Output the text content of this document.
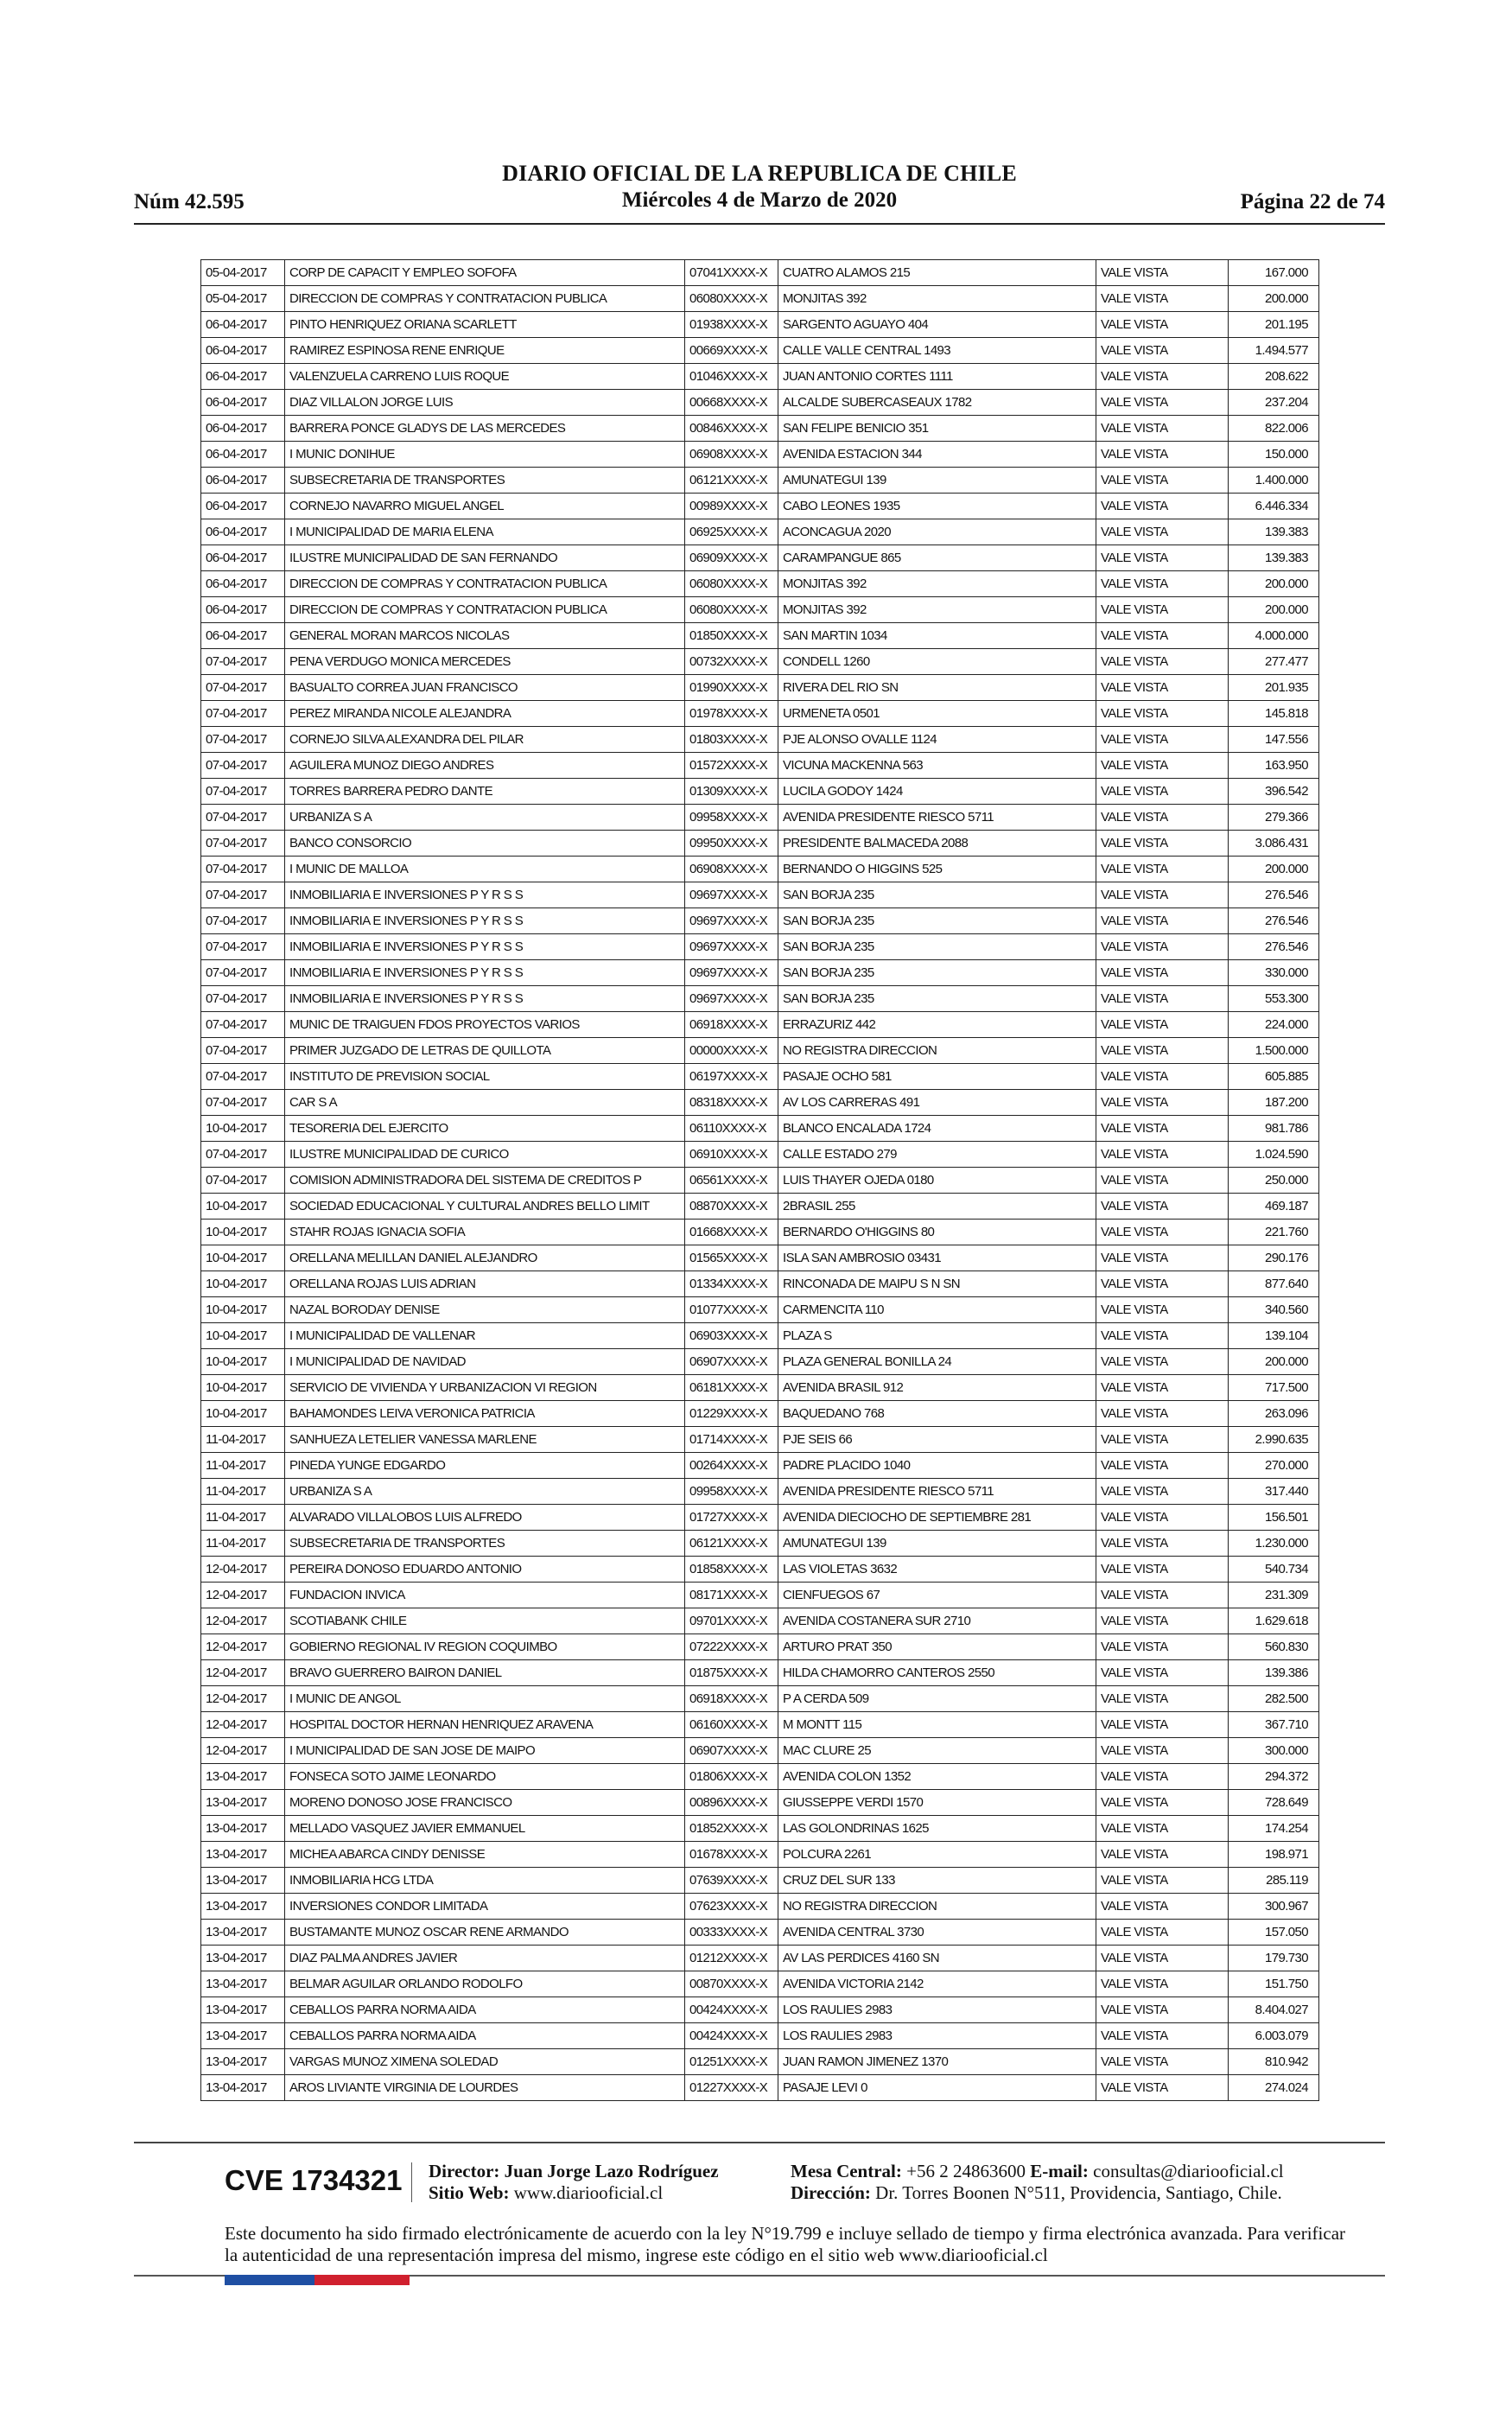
Núm 42.595
DIARIO OFICIAL DE LA REPUBLICA DE CHILE
Miércoles 4 de Marzo de 2020	Página 22 de 74
05-04-2017	CORP DE CAPACIT Y EMPLEO SOFOFA	07041XXXX-X	CUATRO ALAMOS 215	VALE VISTA	167.000
05-04-2017	DIRECCION DE COMPRAS Y CONTRATACION PUBLICA	06080XXXX-X	MONJITAS 392	VALE VISTA	200.000
06-04-2017	PINTO HENRIQUEZ ORIANA SCARLETT	01938XXXX-X	SARGENTO AGUAYO 404	VALE VISTA	201.195
06-04-2017	RAMIREZ ESPINOSA RENE ENRIQUE	00669XXXX-X	CALLE VALLE CENTRAL 1493	VALE VISTA	1.494.577
06-04-2017	VALENZUELA CARRENO LUIS ROQUE	01046XXXX-X	JUAN ANTONIO CORTES 1111	VALE VISTA	208.622
06-04-2017	DIAZ VILLALON JORGE LUIS	00668XXXX-X	ALCALDE SUBERCASEAUX 1782	VALE VISTA	237.204
06-04-2017	BARRERA PONCE GLADYS DE LAS MERCEDES	00846XXXX-X	SAN FELIPE BENICIO 351	VALE VISTA	822.006
06-04-2017	I MUNIC DONIHUE	06908XXXX-X	AVENIDA ESTACION 344	VALE VISTA	150.000
06-04-2017	SUBSECRETARIA DE TRANSPORTES	06121XXXX-X	AMUNATEGUI 139	VALE VISTA	1.400.000
06-04-2017	CORNEJO NAVARRO MIGUEL ANGEL	00989XXXX-X	CABO LEONES 1935	VALE VISTA	6.446.334
06-04-2017	I MUNICIPALIDAD DE MARIA ELENA	06925XXXX-X	ACONCAGUA 2020	VALE VISTA	139.383
06-04-2017	ILUSTRE MUNICIPALIDAD DE SAN FERNANDO	06909XXXX-X	CARAMPANGUE 865	VALE VISTA	139.383
06-04-2017	DIRECCION DE COMPRAS Y CONTRATACION PUBLICA	06080XXXX-X	MONJITAS 392	VALE VISTA	200.000
06-04-2017	DIRECCION DE COMPRAS Y CONTRATACION PUBLICA	06080XXXX-X	MONJITAS 392	VALE VISTA	200.000
06-04-2017	GENERAL MORAN MARCOS NICOLAS	01850XXXX-X	SAN MARTIN 1034	VALE VISTA	4.000.000
07-04-2017	PENA VERDUGO MONICA MERCEDES	00732XXXX-X	CONDELL 1260	VALE VISTA	277.477
07-04-2017	BASUALTO CORREA JUAN FRANCISCO	01990XXXX-X	RIVERA DEL RIO SN	VALE VISTA	201.935
07-04-2017	PEREZ MIRANDA NICOLE ALEJANDRA	01978XXXX-X	URMENETA 0501	VALE VISTA	145.818
07-04-2017	CORNEJO SILVA ALEXANDRA DEL PILAR	01803XXXX-X	PJE ALONSO OVALLE 1124	VALE VISTA	147.556
07-04-2017	AGUILERA MUNOZ DIEGO ANDRES	01572XXXX-X	VICUNA MACKENNA 563	VALE VISTA	163.950
07-04-2017	TORRES BARRERA PEDRO DANTE	01309XXXX-X	LUCILA GODOY 1424	VALE VISTA	396.542
07-04-2017	URBANIZA S A	09958XXXX-X	AVENIDA PRESIDENTE RIESCO 5711	VALE VISTA	279.366
07-04-2017	BANCO CONSORCIO	09950XXXX-X	PRESIDENTE BALMACEDA 2088	VALE VISTA	3.086.431
07-04-2017	I MUNIC DE MALLOA	06908XXXX-X	BERNANDO O HIGGINS 525	VALE VISTA	200.000
07-04-2017	INMOBILIARIA E INVERSIONES P Y R S S	09697XXXX-X	SAN BORJA 235	VALE VISTA	276.546
07-04-2017	INMOBILIARIA E INVERSIONES P Y R S S	09697XXXX-X	SAN BORJA 235	VALE VISTA	276.546
07-04-2017	INMOBILIARIA E INVERSIONES P Y R S S	09697XXXX-X	SAN BORJA 235	VALE VISTA	276.546
07-04-2017	INMOBILIARIA E INVERSIONES P Y R S S	09697XXXX-X	SAN BORJA 235	VALE VISTA	330.000
07-04-2017	INMOBILIARIA E INVERSIONES P Y R S S	09697XXXX-X	SAN BORJA 235	VALE VISTA	553.300
07-04-2017	MUNIC DE TRAIGUEN FDOS PROYECTOS VARIOS	06918XXXX-X	ERRAZURIZ 442	VALE VISTA	224.000
07-04-2017	PRIMER JUZGADO DE LETRAS DE QUILLOTA	00000XXXX-X	NO REGISTRA DIRECCION	VALE VISTA	1.500.000
07-04-2017	INSTITUTO DE PREVISION SOCIAL	06197XXXX-X	PASAJE OCHO 581	VALE VISTA	605.885
07-04-2017	CAR S A	08318XXXX-X	AV LOS CARRERAS 491	VALE VISTA	187.200
10-04-2017	TESORERIA DEL EJERCITO	06110XXXX-X	BLANCO ENCALADA 1724	VALE VISTA	981.786
07-04-2017	ILUSTRE MUNICIPALIDAD DE CURICO	06910XXXX-X	CALLE ESTADO 279	VALE VISTA	1.024.590
07-04-2017	COMISION ADMINISTRADORA DEL SISTEMA DE CREDITOS P	06561XXXX-X	LUIS THAYER OJEDA 0180	VALE VISTA	250.000
10-04-2017	SOCIEDAD EDUCACIONAL Y CULTURAL ANDRES BELLO LIMIT	08870XXXX-X	2BRASIL 255	VALE VISTA	469.187
10-04-2017	STAHR ROJAS IGNACIA SOFIA	01668XXXX-X	BERNARDO O'HIGGINS 80	VALE VISTA	221.760
10-04-2017	ORELLANA MELILLAN DANIEL ALEJANDRO	01565XXXX-X	ISLA SAN AMBROSIO 03431	VALE VISTA	290.176
10-04-2017	ORELLANA ROJAS LUIS ADRIAN	01334XXXX-X	RINCONADA DE MAIPU S N SN	VALE VISTA	877.640
10-04-2017	NAZAL BORODAY DENISE	01077XXXX-X	CARMENCITA 110	VALE VISTA	340.560
10-04-2017	I MUNICIPALIDAD DE VALLENAR	06903XXXX-X	PLAZA S	VALE VISTA	139.104
10-04-2017	I MUNICIPALIDAD DE NAVIDAD	06907XXXX-X	PLAZA GENERAL BONILLA 24	VALE VISTA	200.000
10-04-2017	SERVICIO DE VIVIENDA Y URBANIZACION VI REGION	06181XXXX-X	AVENIDA BRASIL 912	VALE VISTA	717.500
10-04-2017	BAHAMONDES LEIVA VERONICA PATRICIA	01229XXXX-X	BAQUEDANO 768	VALE VISTA	263.096
11-04-2017	SANHUEZA LETELIER VANESSA MARLENE	01714XXXX-X	PJE SEIS 66	VALE VISTA	2.990.635
11-04-2017	PINEDA YUNGE EDGARDO	00264XXXX-X	PADRE PLACIDO 1040	VALE VISTA	270.000
11-04-2017	URBANIZA S A	09958XXXX-X	AVENIDA PRESIDENTE RIESCO 5711	VALE VISTA	317.440
11-04-2017	ALVARADO VILLALOBOS LUIS ALFREDO	01727XXXX-X	AVENIDA DIECIOCHO DE SEPTIEMBRE 281	VALE VISTA	156.501
11-04-2017	SUBSECRETARIA DE TRANSPORTES	06121XXXX-X	AMUNATEGUI 139	VALE VISTA	1.230.000
12-04-2017	PEREIRA DONOSO EDUARDO ANTONIO	01858XXXX-X	LAS VIOLETAS 3632	VALE VISTA	540.734
12-04-2017	FUNDACION INVICA	08171XXXX-X	CIENFUEGOS 67	VALE VISTA	231.309
12-04-2017	SCOTIABANK CHILE	09701XXXX-X	AVENIDA COSTANERA SUR 2710	VALE VISTA	1.629.618
12-04-2017	GOBIERNO REGIONAL IV REGION COQUIMBO	07222XXXX-X	ARTURO PRAT 350	VALE VISTA	560.830
12-04-2017	BRAVO GUERRERO BAIRON DANIEL	01875XXXX-X	HILDA CHAMORRO CANTEROS 2550	VALE VISTA	139.386
12-04-2017	I MUNIC DE ANGOL	06918XXXX-X	P A CERDA 509	VALE VISTA	282.500
12-04-2017	HOSPITAL DOCTOR HERNAN HENRIQUEZ ARAVENA	06160XXXX-X	M MONTT 115	VALE VISTA	367.710
12-04-2017	I MUNICIPALIDAD DE SAN JOSE DE MAIPO	06907XXXX-X	MAC CLURE 25	VALE VISTA	300.000
13-04-2017	FONSECA SOTO JAIME LEONARDO	01806XXXX-X	AVENIDA COLON 1352	VALE VISTA	294.372
13-04-2017	MORENO DONOSO JOSE FRANCISCO	00896XXXX-X	GIUSSEPPE VERDI 1570	VALE VISTA	728.649
13-04-2017	MELLADO VASQUEZ JAVIER EMMANUEL	01852XXXX-X	LAS GOLONDRINAS 1625	VALE VISTA	174.254
13-04-2017	MICHEA ABARCA CINDY DENISSE	01678XXXX-X	POLCURA 2261	VALE VISTA	198.971
13-04-2017	INMOBILIARIA HCG LTDA	07639XXXX-X	CRUZ DEL SUR 133	VALE VISTA	285.119
13-04-2017	INVERSIONES CONDOR LIMITADA	07623XXXX-X	NO REGISTRA DIRECCION	VALE VISTA	300.967
13-04-2017	BUSTAMANTE MUNOZ OSCAR RENE ARMANDO	00333XXXX-X	AVENIDA CENTRAL 3730	VALE VISTA	157.050
13-04-2017	DIAZ PALMA ANDRES JAVIER	01212XXXX-X	AV LAS PERDICES 4160 SN	VALE VISTA	179.730
13-04-2017	BELMAR AGUILAR ORLANDO RODOLFO	00870XXXX-X	AVENIDA VICTORIA 2142	VALE VISTA	151.750
13-04-2017	CEBALLOS PARRA NORMA AIDA	00424XXXX-X	LOS RAULIES 2983	VALE VISTA	8.404.027
13-04-2017	CEBALLOS PARRA NORMA AIDA	00424XXXX-X	LOS RAULIES 2983	VALE VISTA	6.003.079
13-04-2017	VARGAS MUNOZ XIMENA SOLEDAD	01251XXXX-X	JUAN RAMON JIMENEZ 1370	VALE VISTA	810.942
13-04-2017	AROS LIVIANTE VIRGINIA DE LOURDES	01227XXXX-X	PASAJE LEVI 0	VALE VISTA	274.024
CVE 1734321 Director: Juan Jorge Lazo Rodríguez
Sitio Web: www.diariooficial.cl
Mesa Central: +56 2 24863600 E-mail: consultas@diariooficial.cl
Dirección: Dr. Torres Boonen N°511, Providencia, Santiago, Chile.
Este documento ha sido firmado electrónicamente de acuerdo con la ley N°19.799 e incluye sellado de tiempo y firma electrónica avanzada. Para verificar la autenticidad de una representación impresa del mismo, ingrese este código en el sitio web www.diariooficial.cl
